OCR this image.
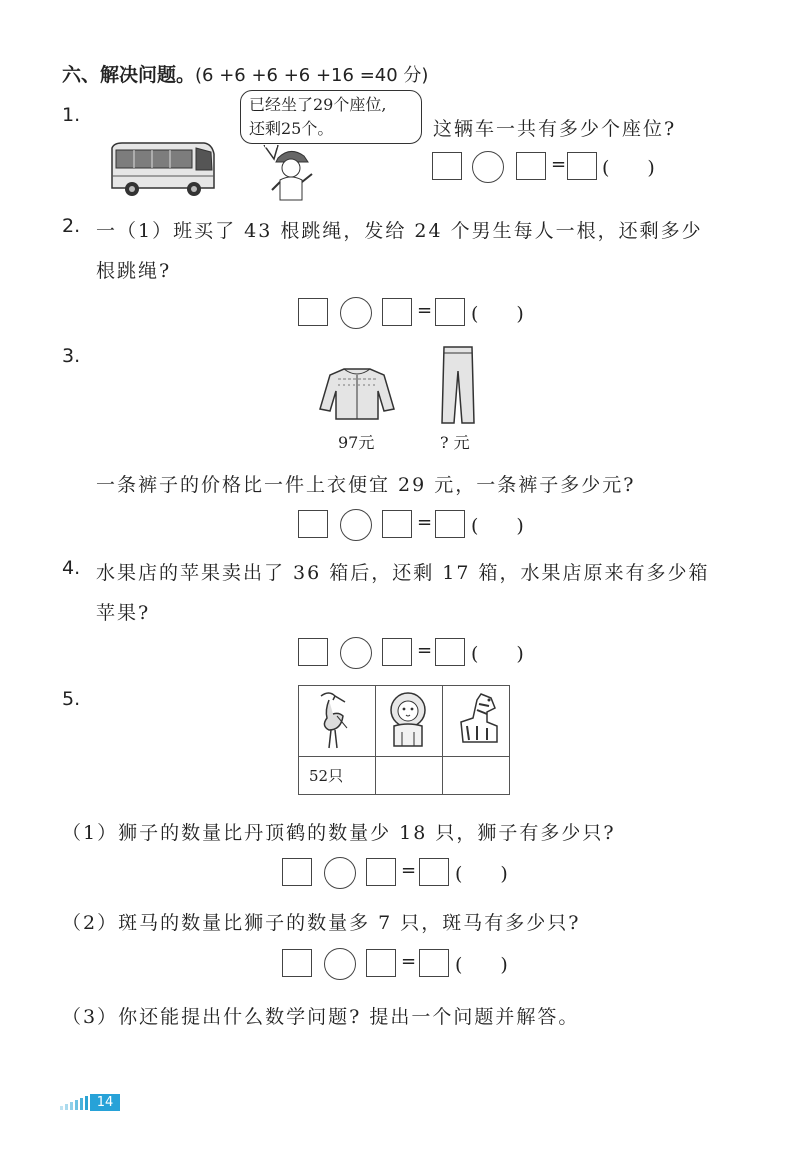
六、解决问题。(6 +6 +6 +6 +16 =40 分)
1.	已经坐了29个座位,
还剩25个。	这辆车一共有多少个座位?
= (　　)
2. 一（1）班买了 43 根跳绳，发给 24 个男生每人一根，还剩多少
根跳绳?
= (　　)
3.
97元	? 元
一条裤子的价格比一件上衣便宜 29 元，一条裤子多少元?
= (　　)
4. 水果店的苹果卖出了 36 箱后，还剩 17 箱，水果店原来有多少箱
苹果?
= (　　)
5.

52只		
（1）狮子的数量比丹顶鹤的数量少 18 只，狮子有多少只?
= (　　)
（2）斑马的数量比狮子的数量多 7 只，斑马有多少只?
= (　　)
（3）你还能提出什么数学问题? 提出一个问题并解答。
14
